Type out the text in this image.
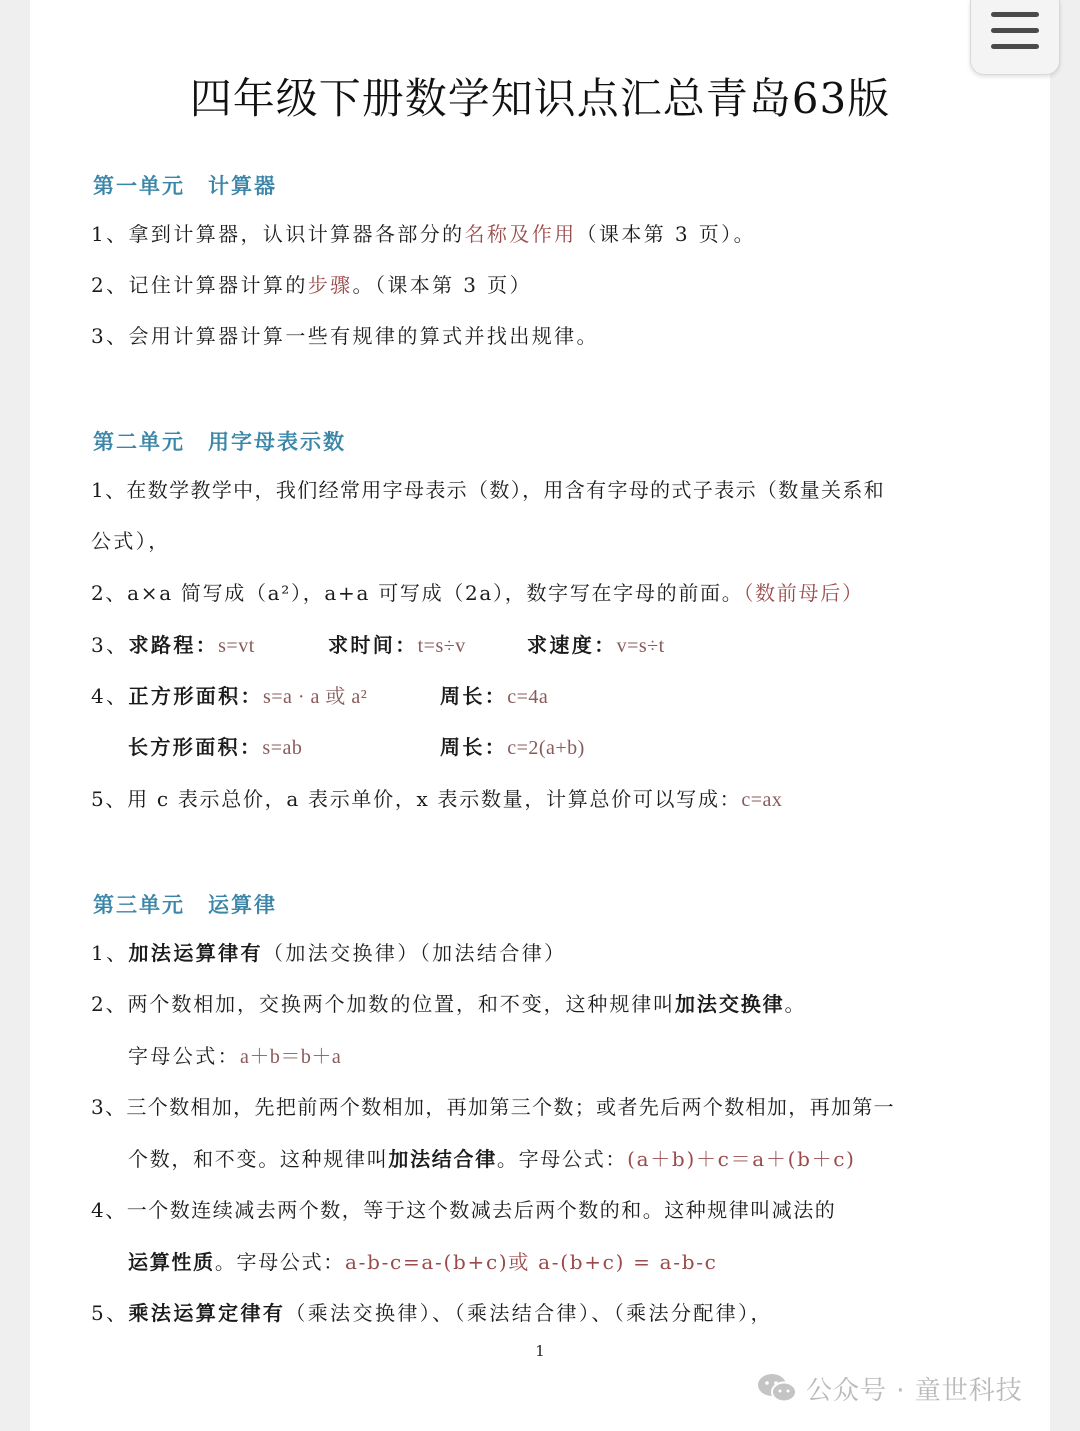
四年级下册数学知识点汇总青岛63版
第一单元　计算器
1、拿到计算器，认识计算器各部分的名称及作用（课本第 3 页）。
2、记住计算器计算的步骤。（课本第 3 页）
3、会用计算器计算一些有规律的算式并找出规律。
第二单元　用字母表示数
1、在数学教学中，我们经常用字母表示（数），用含有字母的式子表示（数量关系和
公式），
2、a×a 简写成（a²），a+a 可写成（2a），数字写在字母的前面。（数前母后）
3、求路程：s=vt	求时间：t=s÷v	求速度：v=s÷t
4、正方形面积：s=a · a 或 a²	周长：c=4a
长方形面积：s=ab	周长：c=2(a+b)
5、用 c 表示总价，a 表示单价，x 表示数量，计算总价可以写成：c=ax
第三单元　运算律
1、加法运算律有（加法交换律）（加法结合律）
2、两个数相加，交换两个加数的位置，和不变，这种规律叫加法交换律。
字母公式：a＋b＝b＋a
3、三个数相加，先把前两个数相加，再加第三个数；或者先后两个数相加，再加第一
个数，和不变。这种规律叫加法结合律。字母公式：(a＋b)＋c＝a＋(b＋c)
4、一个数连续减去两个数，等于这个数减去后两个数的和。这种规律叫减法的
运算性质。字母公式：a-b-c=a-(b+c)或 a-(b+c) = a-b-c
5、乘法运算定律有（乘法交换律）、（乘法结合律）、（乘法分配律），
1
公众号 · 童世科技
